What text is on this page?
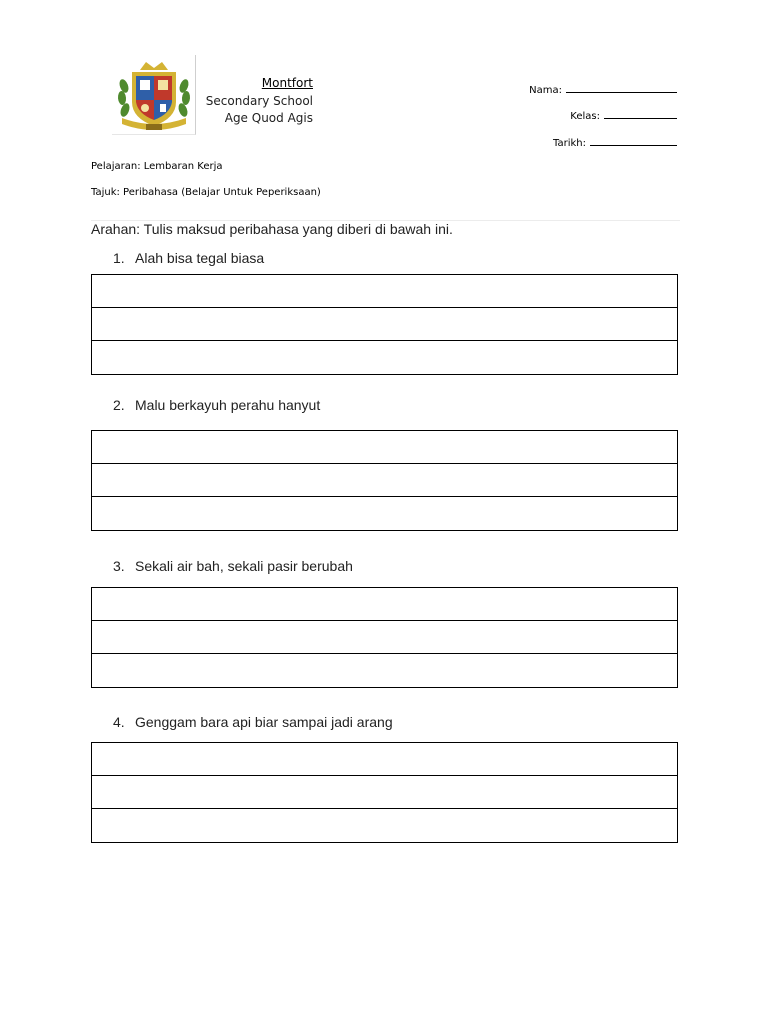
Montfort
Secondary School
Age Quod Agis
Nama:
Kelas:
Tarikh:
Pelajaran: Lembaran Kerja
Tajuk: Peribahasa (Belajar Untuk Peperiksaan)
Arahan: Tulis maksud peribahasa yang diberi di bawah ini.
1. Alah bisa tegal biasa
2. Malu berkayuh perahu hanyut
3. Sekali air bah, sekali pasir berubah
4. Genggam bara api biar sampai jadi arang
